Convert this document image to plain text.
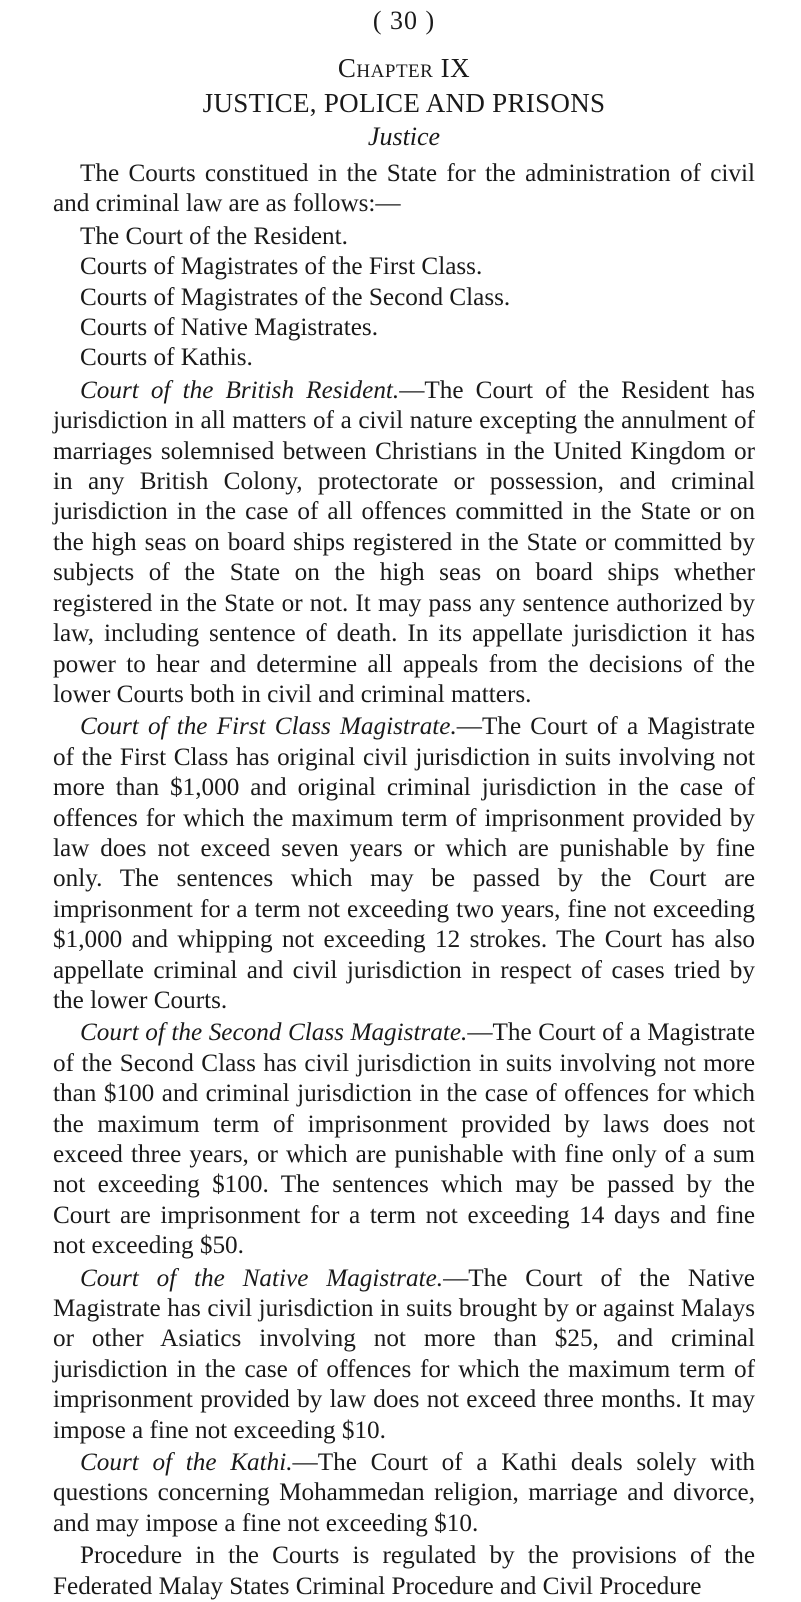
( 30 )
Chapter IX
JUSTICE, POLICE AND PRISONS
Justice

The Courts constitued in the State for the administration of civil and criminal law are as follows:—

The Court of the Resident.
Courts of Magistrates of the First Class.
Courts of Magistrates of the Second Class.
Courts of Native Magistrates.
Courts of Kathis.

Court of the British Resident.—The Court of the Resident has jurisdiction in all matters of a civil nature excepting the annulment of marriages solemnised between Christians in the United Kingdom or in any British Colony, protectorate or possession, and criminal jurisdiction in the case of all offences committed in the State or on the high seas on board ships registered in the State or committed by subjects of the State on the high seas on board ships whether registered in the State or not. It may pass any sentence authorized by law, including sentence of death. In its appellate jurisdiction it has power to hear and determine all appeals from the decisions of the lower Courts both in civil and criminal matters.

Court of the First Class Magistrate.—The Court of a Magistrate of the First Class has original civil jurisdiction in suits involving not more than $1,000 and original criminal jurisdiction in the case of offences for which the maximum term of imprisonment provided by law does not exceed seven years or which are punishable by fine only. The sentences which may be passed by the Court are imprisonment for a term not exceeding two years, fine not exceeding $1,000 and whipping not exceeding 12 strokes. The Court has also appellate criminal and civil jurisdiction in respect of cases tried by the lower Courts.

Court of the Second Class Magistrate.—The Court of a Magistrate of the Second Class has civil jurisdiction in suits involving not more than $100 and criminal jurisdiction in the case of offences for which the maximum term of imprisonment provided by laws does not exceed three years, or which are punishable with fine only of a sum not exceeding $100. The sentences which may be passed by the Court are imprisonment for a term not exceeding 14 days and fine not exceeding $50.

Court of the Native Magistrate.—The Court of the Native Magistrate has civil jurisdiction in suits brought by or against Malays or other Asiatics involving not more than $25, and criminal jurisdiction in the case of offences for which the maximum term of imprisonment provided by law does not exceed three months. It may impose a fine not exceeding $10.

Court of the Kathi.—The Court of a Kathi deals solely with questions concerning Mohammedan religion, marriage and divorce, and may impose a fine not exceeding $10.

Procedure in the Courts is regulated by the provisions of the Federated Malay States Criminal Procedure and Civil Procedure
